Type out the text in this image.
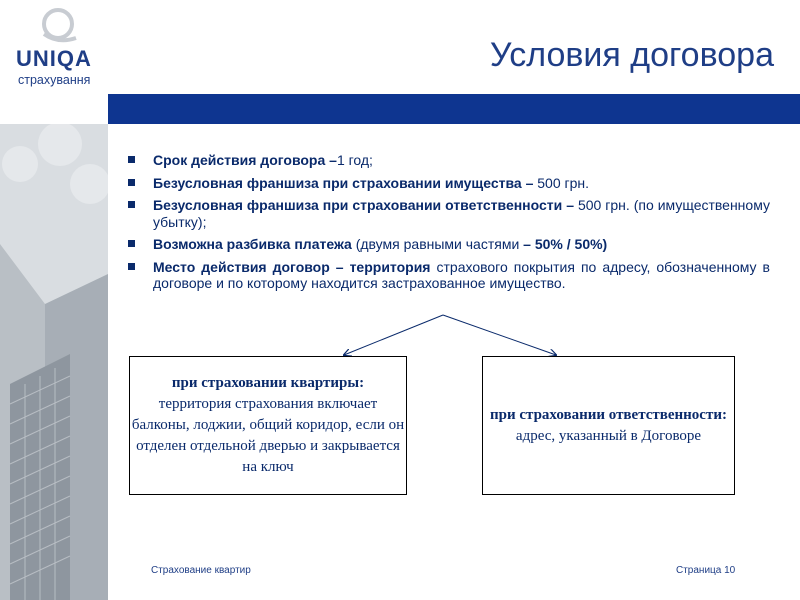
UNIQA
страхування
Условия договора
Срок действия договора –1 год;
Безусловная франшиза при страховании имущества – 500 грн.
Безусловная франшиза при страховании ответственности – 500 грн. (по имущественному убытку);
Возможна разбивка платежа (двумя равными частями – 50% / 50%)
Место действия договор – территория страхового покрытия по адресу, обозначенному в договоре и по которому находится застрахованное имущество.
при страховании квартиры:
территория страхования включает балконы, лоджии, общий коридор, если он отделен отдельной дверью и закрывается на ключ
при страховании ответственности:
адрес, указанный в Договоре
Страхование квартир	Страница 10
